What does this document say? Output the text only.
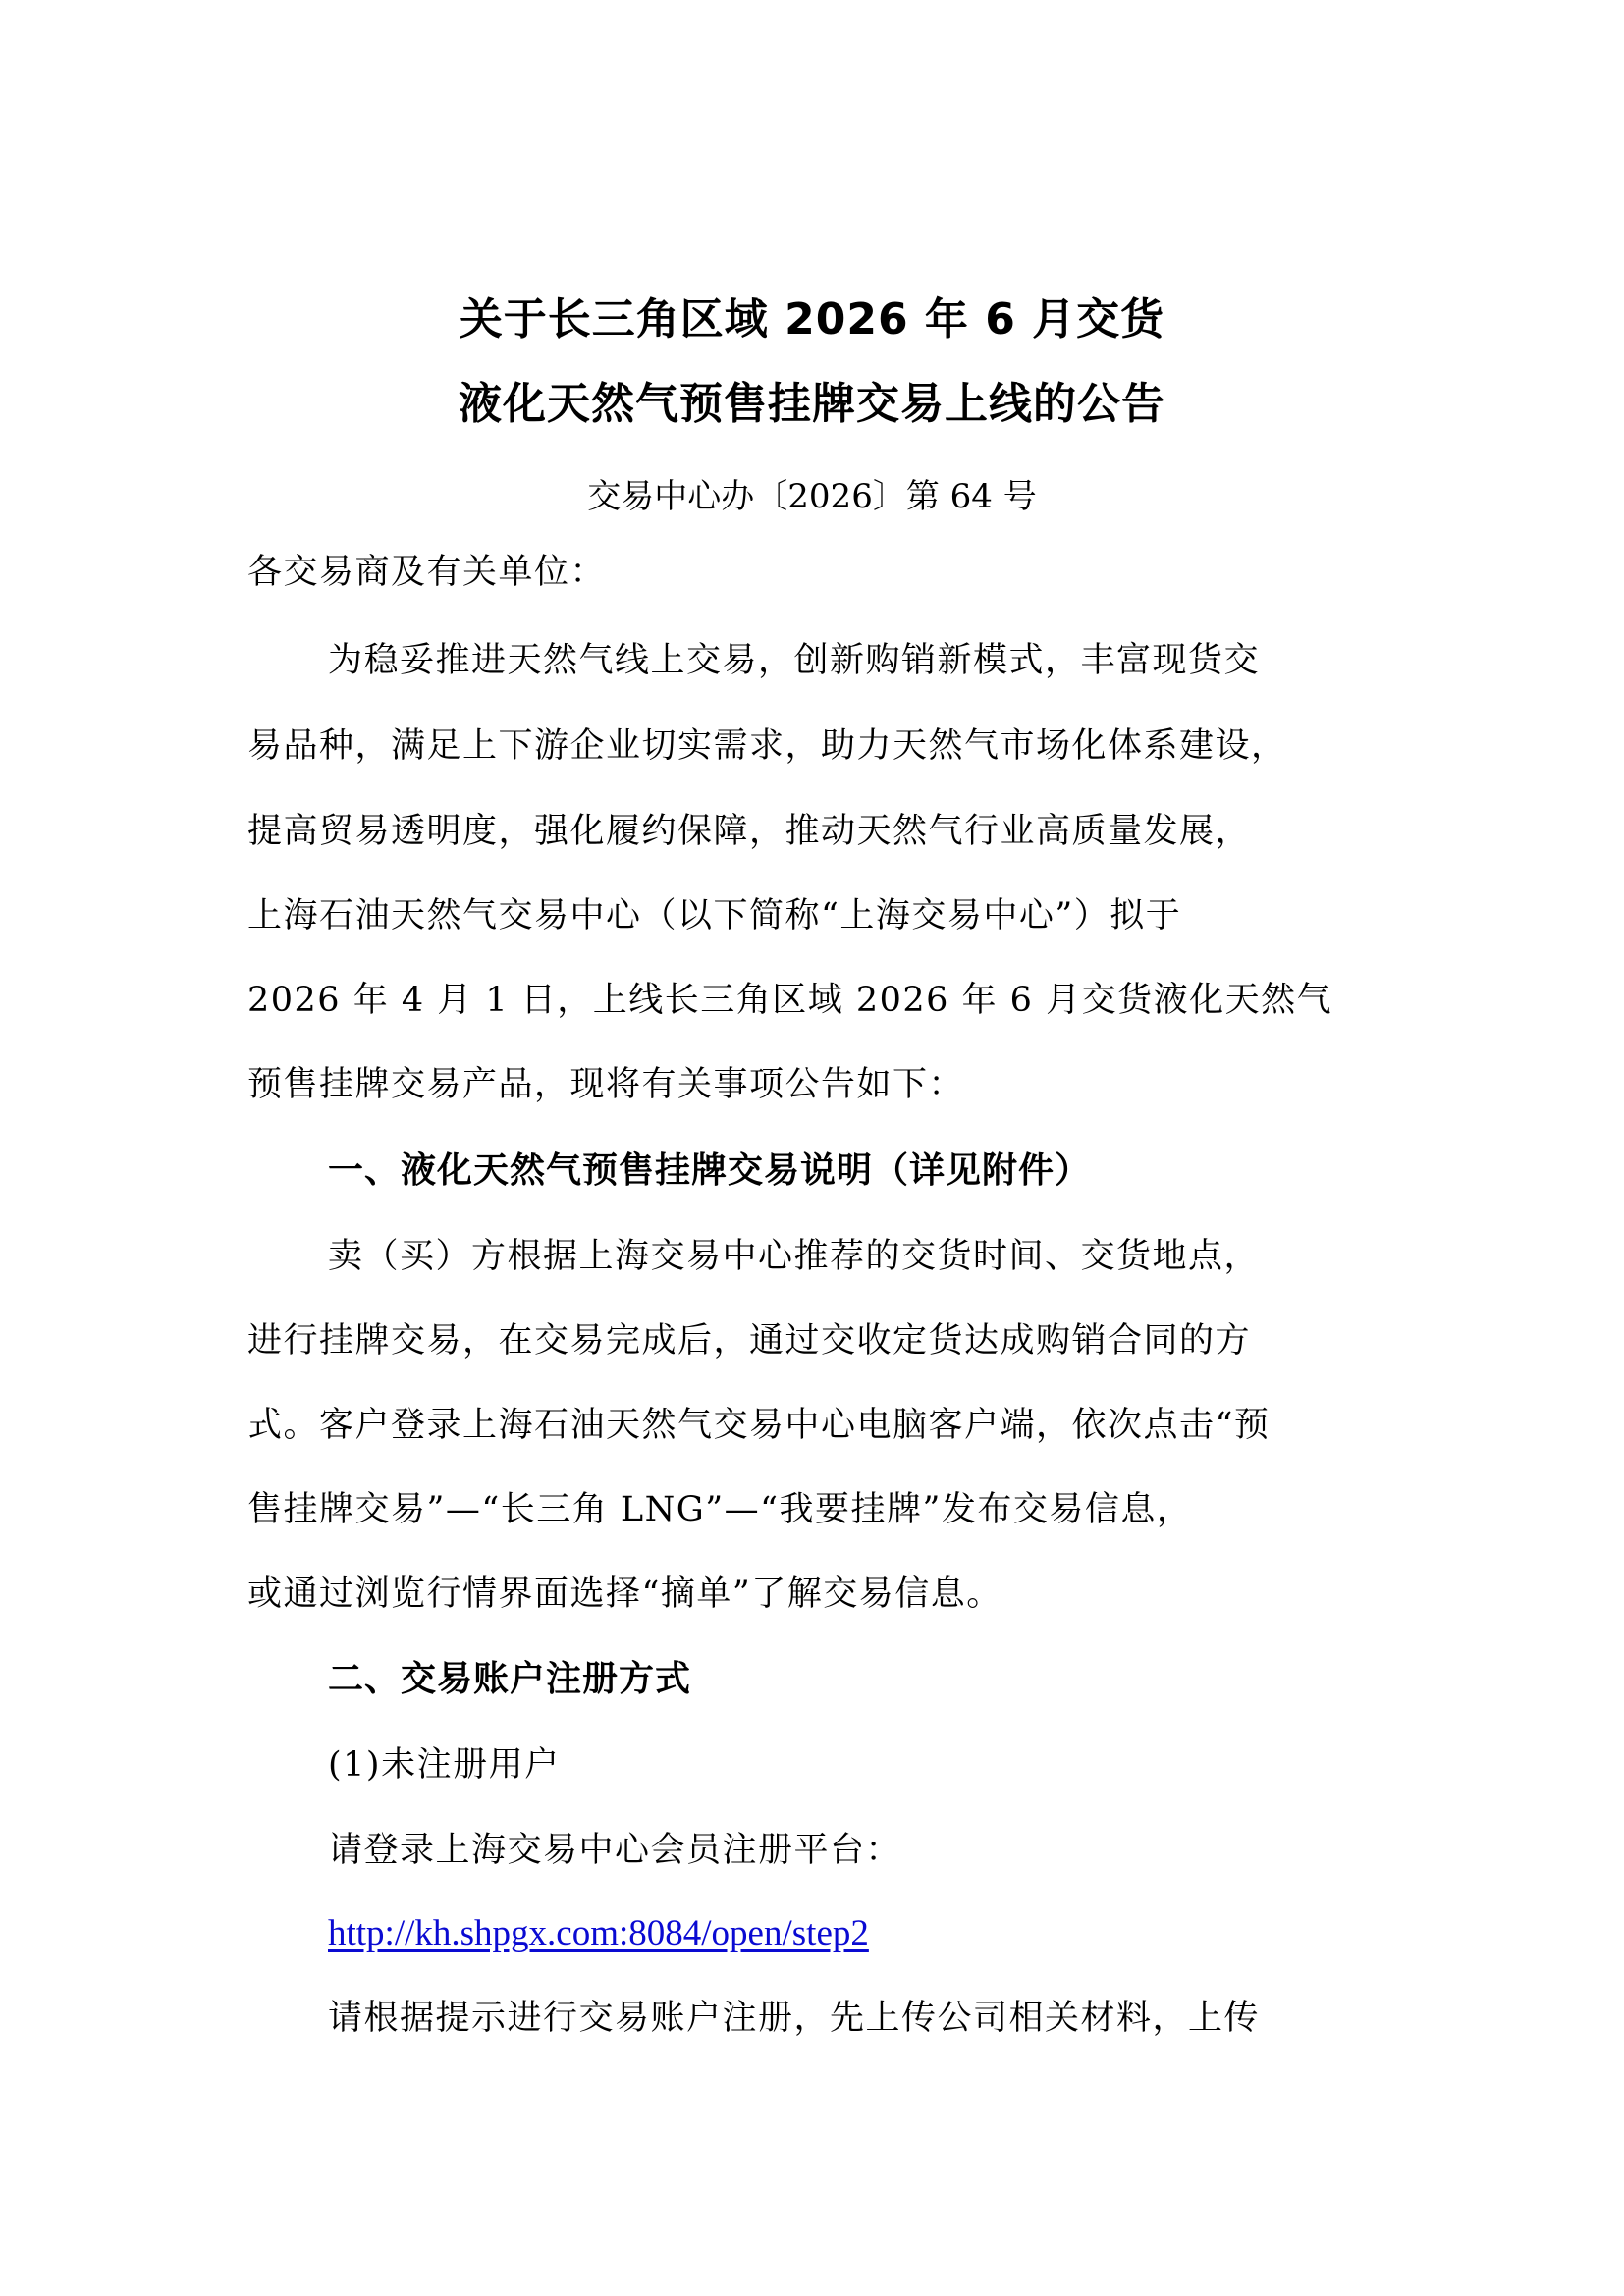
关于长三角区域 2026 年 6 月交货
液化天然气预售挂牌交易上线的公告
交易中心办〔2026〕第 64 号
各交易商及有关单位：
为稳妥推进天然气线上交易，创新购销新模式，丰富现货交
易品种，满足上下游企业切实需求，助力天然气市场化体系建设，
提高贸易透明度，强化履约保障，推动天然气行业高质量发展，
上海石油天然气交易中心（以下简称“上海交易中心”）拟于
2026 年 4 月 1 日，上线长三角区域 2026 年 6 月交货液化天然气
预售挂牌交易产品，现将有关事项公告如下：
一、液化天然气预售挂牌交易说明（详见附件）
卖（买）方根据上海交易中心推荐的交货时间、交货地点，
进行挂牌交易，在交易完成后，通过交收定货达成购销合同的方
式。客户登录上海石油天然气交易中心电脑客户端，依次点击“预
售挂牌交易”—“长三角 LNG”—“我要挂牌”发布交易信息，
或通过浏览行情界面选择“摘单”了解交易信息。
二、交易账户注册方式
(1)未注册用户
请登录上海交易中心会员注册平台：
http://kh.shpgx.com:8084/open/step2
请根据提示进行交易账户注册，先上传公司相关材料，上传
